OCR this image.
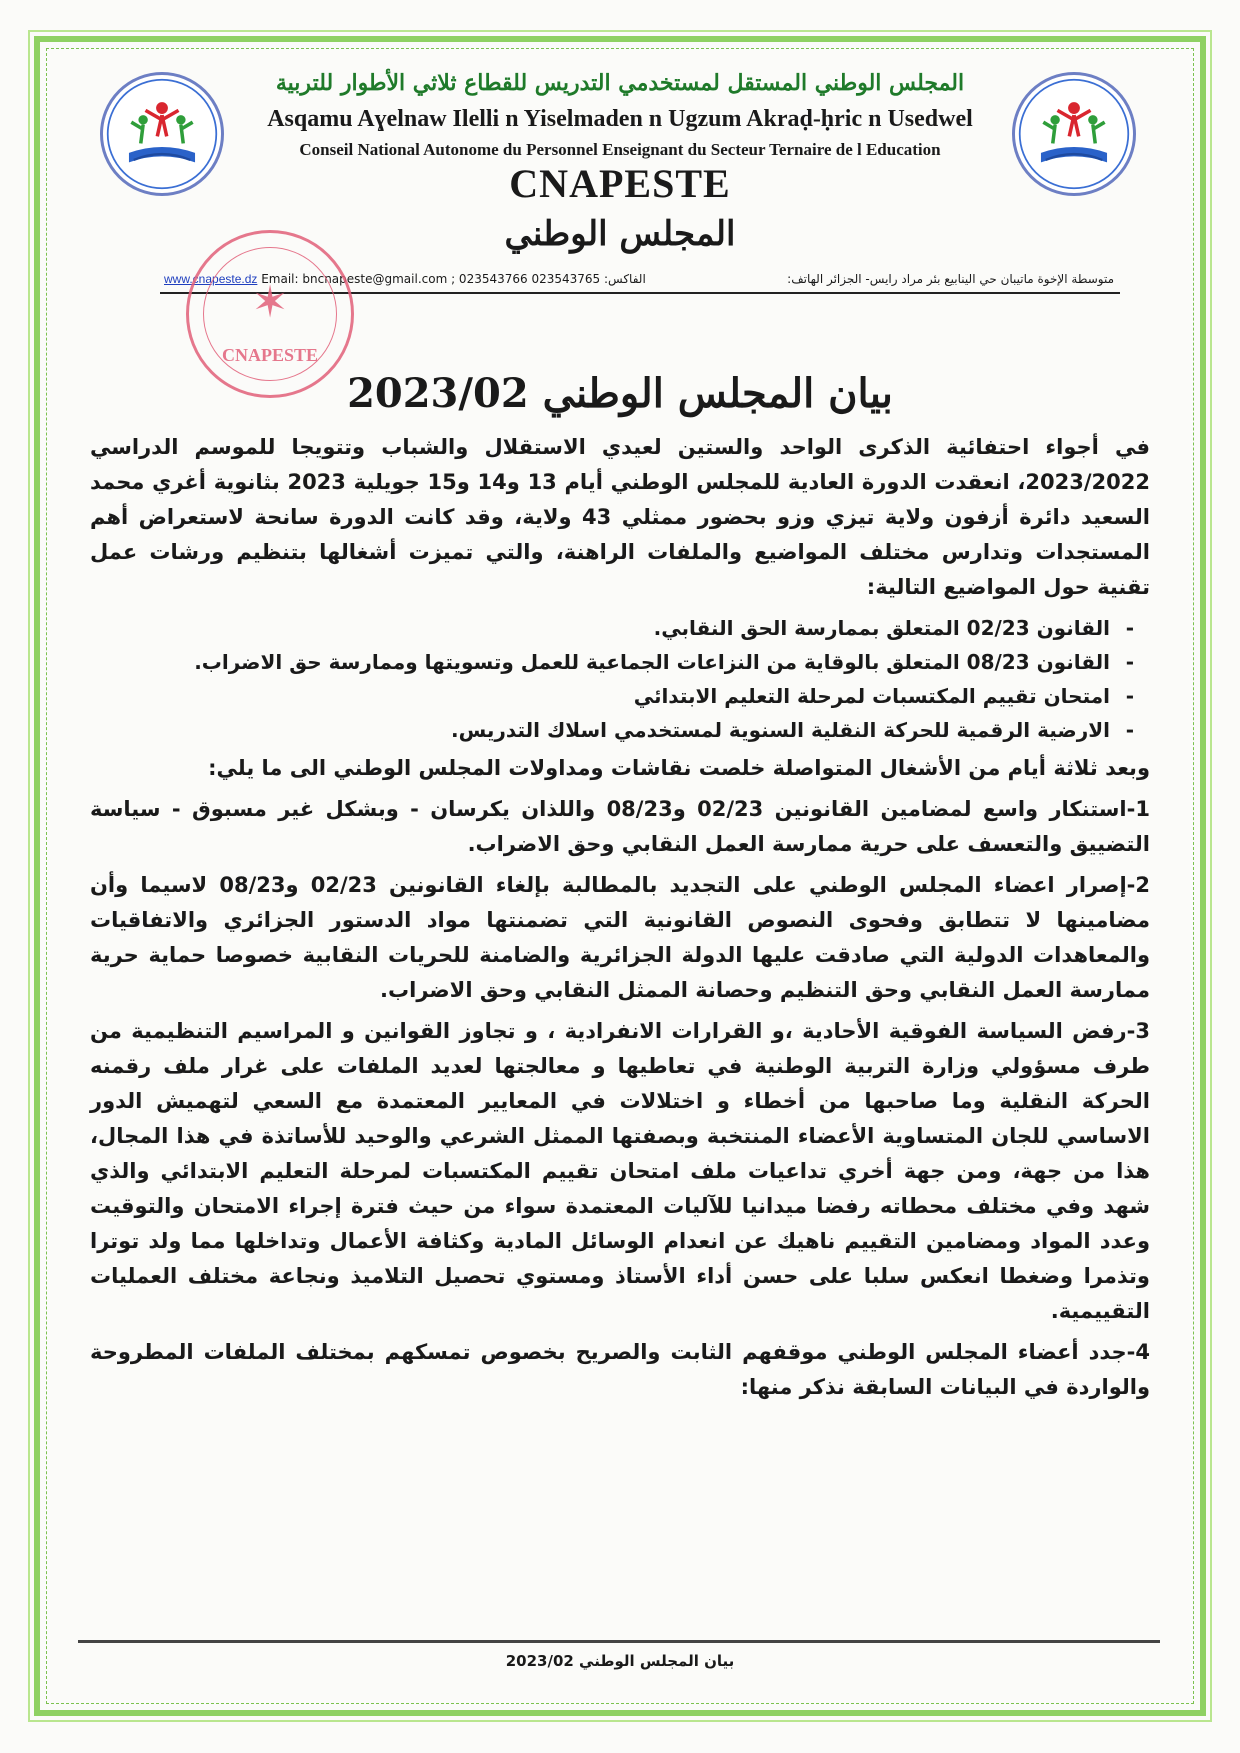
المجلس الوطني المستقل لمستخدمي التدريس للقطاع ثلاثي الأطوار للتربية
Asqamu Aɣelnaw Ilelli n Yiselmaden n Ugzum Akraḍ-ḥric n Usedwel
Conseil National Autonome du Personnel Enseignant du Secteur Ternaire de l Education
CNAPESTE
المجلس الوطني
www.cnapeste.dz Email: bncnapeste@gmail.com ; 023543766 الفاكس: 023543765	متوسطة الإخوة ماتيبان حي الينابيع بئر مراد رايس- الجزائر الهاتف:
✶
CNAPESTE
بيان المجلس الوطني 2023/02

في أجواء احتفائية الذكرى الواحد والستين لعيدي الاستقلال والشباب وتتويجا للموسم الدراسي 2023/2022، انعقدت الدورة العادية للمجلس الوطني أيام 13 و14 و15 جويلية 2023 بثانوية أغري محمد السعيد دائرة أزفون ولاية تيزي وزو بحضور ممثلي 43 ولاية، وقد كانت الدورة سانحة لاستعراض أهم المستجدات وتدارس مختلف المواضيع والملفات الراهنة، والتي تميزت أشغالها بتنظيم ورشات عمل تقنية حول المواضيع التالية:

- القانون 02/23 المتعلق بممارسة الحق النقابي.
- القانون 08/23 المتعلق بالوقاية من النزاعات الجماعية للعمل وتسويتها وممارسة حق الاضراب.
- امتحان تقييم المكتسبات لمرحلة التعليم الابتدائي
- الارضية الرقمية للحركة النقلية السنوية لمستخدمي اسلاك التدريس.

وبعد ثلاثة أيام من الأشغال المتواصلة خلصت نقاشات ومداولات المجلس الوطني الى ما يلي:

1-استنكار واسع لمضامين القانونين 02/23 و08/23 واللذان يكرسان - وبشكل غير مسبوق - سياسة التضييق والتعسف على حرية ممارسة العمل النقابي وحق الاضراب.

2-إصرار اعضاء المجلس الوطني على التجديد بالمطالبة بإلغاء القانونين 02/23 و08/23 لاسيما وأن مضامينها لا تتطابق وفحوى النصوص القانونية التي تضمنتها مواد الدستور الجزائري والاتفاقيات والمعاهدات الدولية التي صادقت عليها الدولة الجزائرية والضامنة للحريات النقابية خصوصا حماية حرية ممارسة العمل النقابي وحق التنظيم وحصانة الممثل النقابي وحق الاضراب.

3-رفض السياسة الفوقية الأحادية ،و القرارات الانفرادية ، و تجاوز القوانين و المراسيم التنظيمية من طرف مسؤولي وزارة التربية الوطنية في تعاطيها و معالجتها لعديد الملفات على غرار ملف رقمنه الحركة النقلية وما صاحبها من أخطاء و اختلالات في المعايير المعتمدة مع السعي لتهميش الدور الاساسي للجان المتساوية الأعضاء المنتخبة وبصفتها الممثل الشرعي والوحيد للأساتذة في هذا المجال، هذا من جهة، ومن جهة أخري تداعيات ملف امتحان تقييم المكتسبات لمرحلة التعليم الابتدائي والذي شهد وفي مختلف محطاته رفضا ميدانيا للآليات المعتمدة سواء من حيث فترة إجراء الامتحان والتوقيت وعدد المواد ومضامين التقييم ناهيك عن انعدام الوسائل المادية وكثافة الأعمال وتداخلها مما ولد توترا وتذمرا وضغطا انعكس سلبا على حسن أداء الأستاذ ومستوي تحصيل التلاميذ ونجاعة مختلف العمليات التقييمية.

4-جدد أعضاء المجلس الوطني موقفهم الثابت والصريح بخصوص تمسكهم بمختلف الملفات المطروحة والواردة في البيانات السابقة نذكر منها:

بيان المجلس الوطني 2023/02
